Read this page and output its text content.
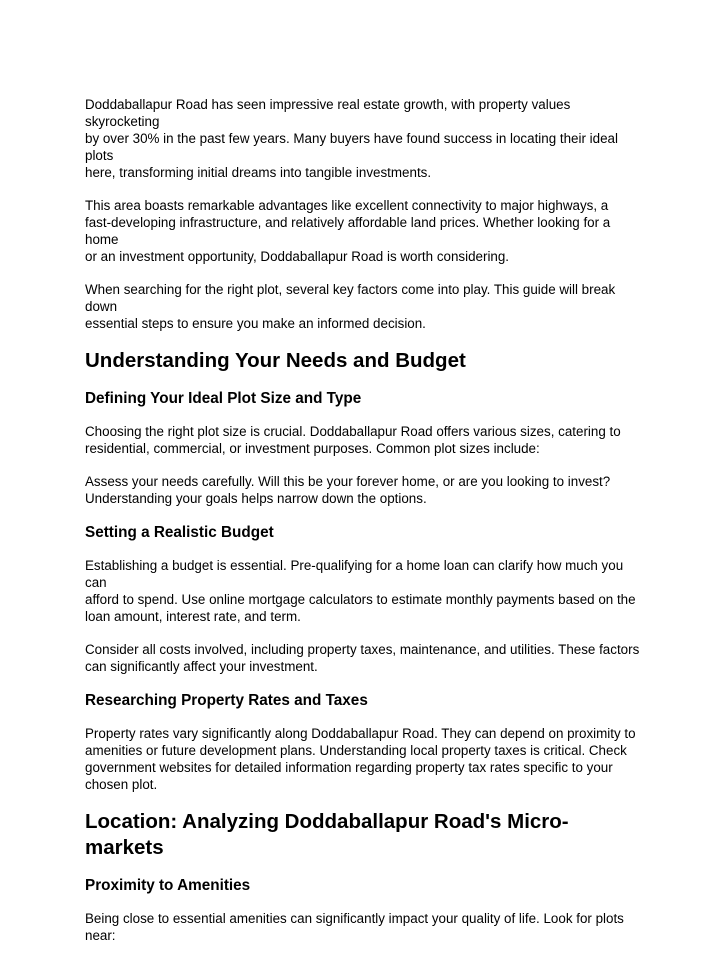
Doddaballapur Road has seen impressive real estate growth, with property values skyrocketing
by over 30% in the past few years. Many buyers have found success in locating their ideal plots
here, transforming initial dreams into tangible investments.

This area boasts remarkable advantages like excellent connectivity to major highways, a
fast-developing infrastructure, and relatively affordable land prices. Whether looking for a home
or an investment opportunity, Doddaballapur Road is worth considering.

When searching for the right plot, several key factors come into play. This guide will break down
essential steps to ensure you make an informed decision.

Understanding Your Needs and Budget
Defining Your Ideal Plot Size and Type

Choosing the right plot size is crucial. Doddaballapur Road offers various sizes, catering to
residential, commercial, or investment purposes. Common plot sizes include:

Assess your needs carefully. Will this be your forever home, or are you looking to invest?
Understanding your goals helps narrow down the options.

Setting a Realistic Budget

Establishing a budget is essential. Pre-qualifying for a home loan can clarify how much you can
afford to spend. Use online mortgage calculators to estimate monthly payments based on the
loan amount, interest rate, and term.

Consider all costs involved, including property taxes, maintenance, and utilities. These factors
can significantly affect your investment.

Researching Property Rates and Taxes

Property rates vary significantly along Doddaballapur Road. They can depend on proximity to
amenities or future development plans. Understanding local property taxes is critical. Check
government websites for detailed information regarding property tax rates specific to your
chosen plot.

Location: Analyzing Doddaballapur Road's Micro-markets
Proximity to Amenities

Being close to essential amenities can significantly impact your quality of life. Look for plots
near:
